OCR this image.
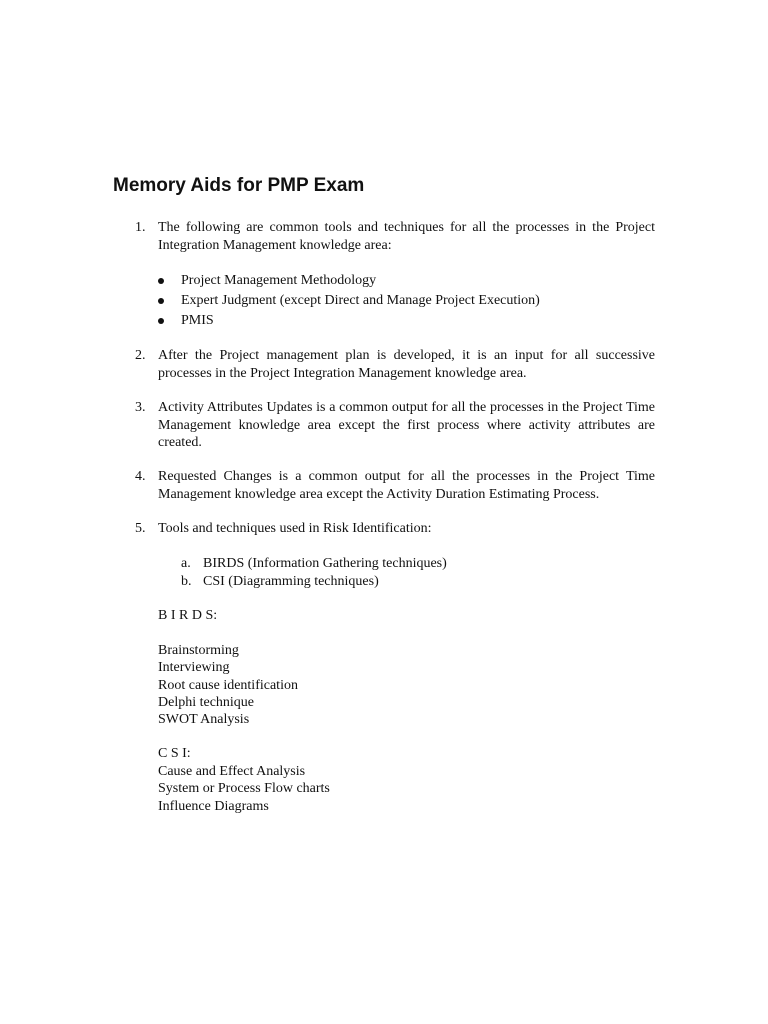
Memory Aids for PMP Exam
1. The following are common tools and techniques for all the processes in the Project Integration Management knowledge area:
Project Management Methodology
Expert Judgment (except Direct and Manage Project Execution)
PMIS
2. After the Project management plan is developed, it is an input for all successive processes in the Project Integration Management knowledge area.
3. Activity Attributes Updates is a common output for all the processes in the Project Time Management knowledge area except the first process where activity attributes are created.
4. Requested Changes is a common output for all the processes in the Project Time Management knowledge area except the Activity Duration Estimating Process.
5. Tools and techniques used in Risk Identification:
a. BIRDS (Information Gathering techniques)
b. CSI (Diagramming techniques)
B I R D S:
Brainstorming
Interviewing
Root cause identification
Delphi technique
SWOT Analysis
C S I:
Cause and Effect Analysis
System or Process Flow charts
Influence Diagrams
